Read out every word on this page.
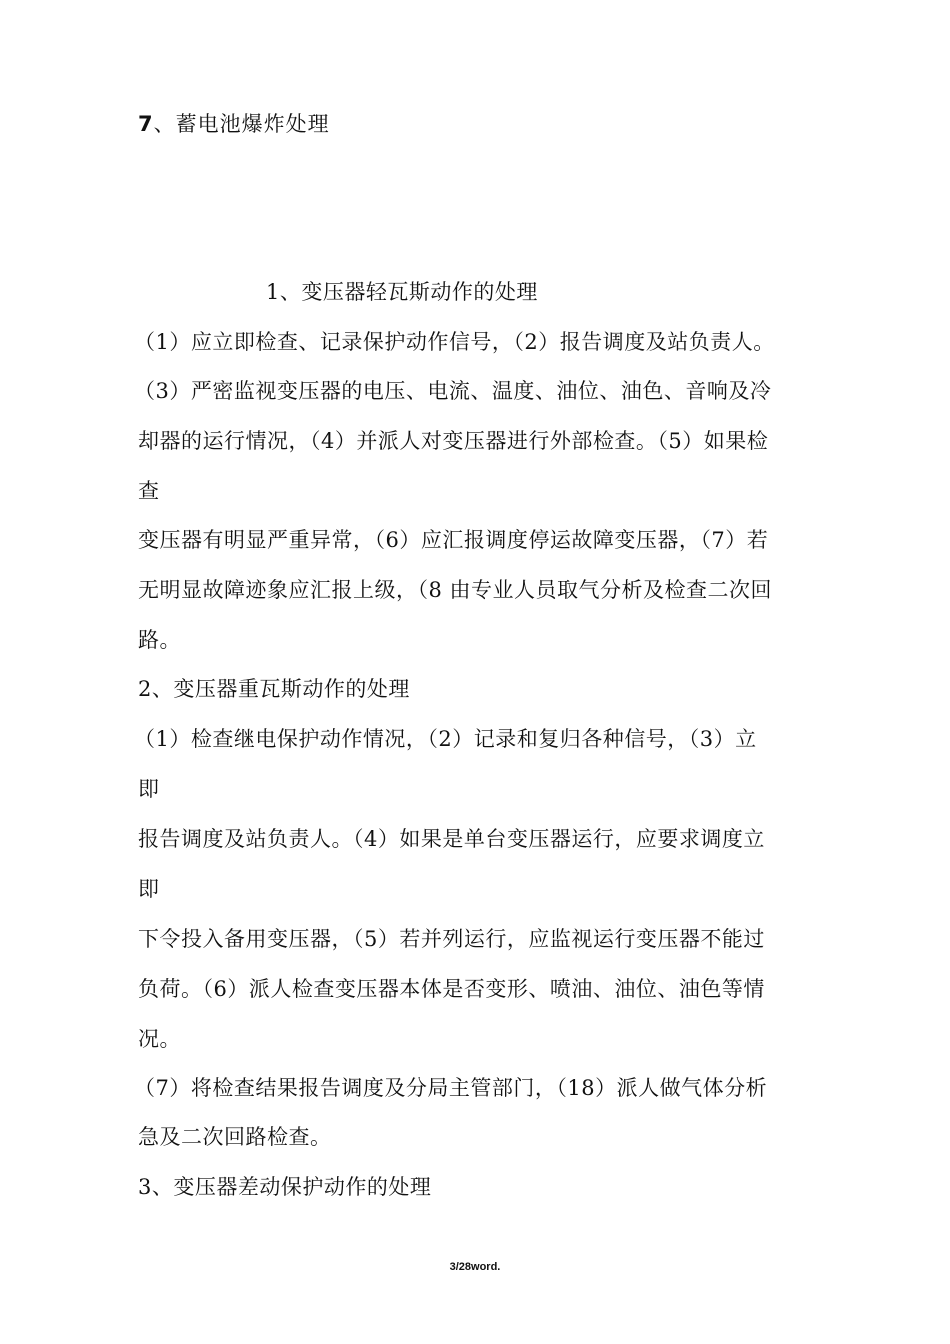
7、蓄电池爆炸处理
1、变压器轻瓦斯动作的处理
（1）应立即检查、记录保护动作信号，（2）报告调度及站负责人。
（3）严密监视变压器的电压、电流、温度、油位、油色、音响及冷
却器的运行情况，（4）并派人对变压器进行外部检查。（5）如果检
查
变压器有明显严重异常，（6）应汇报调度停运故障变压器，（7）若
无明显故障迹象应汇报上级，（8 由专业人员取气分析及检查二次回
路。
2、变压器重瓦斯动作的处理
（1）检查继电保护动作情况，（2）记录和复归各种信号，（3）立
即
报告调度及站负责人。（4）如果是单台变压器运行，应要求调度立
即
下令投入备用变压器，（5）若并列运行，应监视运行变压器不能过
负荷。（6）派人检查变压器本体是否变形、喷油、油位、油色等情
况。
（7）将检查结果报告调度及分局主管部门，（18）派人做气体分析
急及二次回路检查。
3、变压器差动保护动作的处理
3/28word.
